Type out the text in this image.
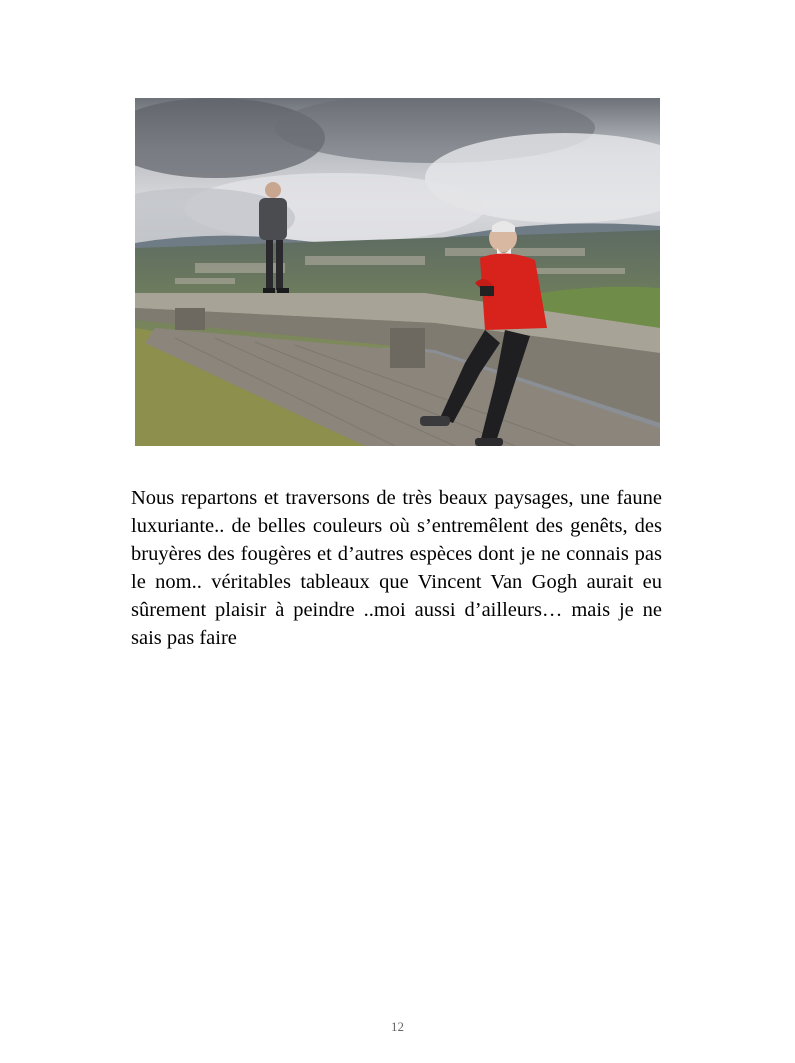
Nous repartons et traversons de très beaux paysages, une faune luxuriante.. de belles couleurs où s’entremêlent des genêts, des bruyères des fougères et d’autres espèces dont je ne connais pas le nom.. véritables tableaux que Vincent Van Gogh aurait eu sûrement plaisir à peindre ..moi aussi d’ailleurs… mais je ne sais pas faire

12
